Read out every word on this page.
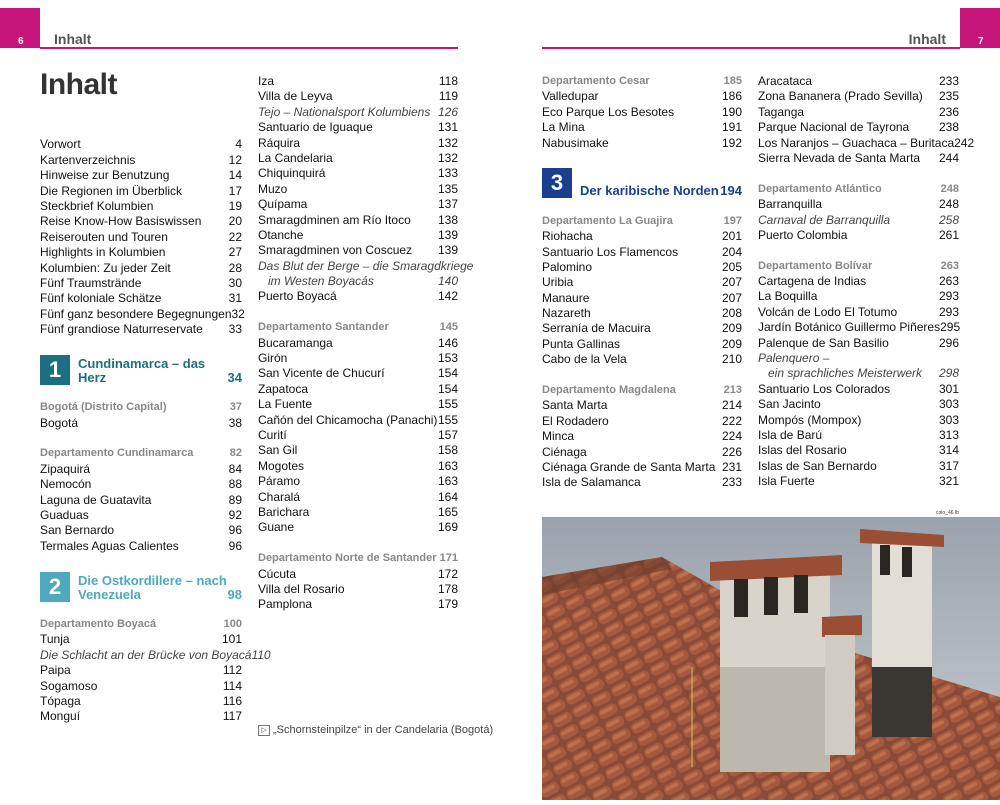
6	7
Inhalt	Inhalt
Inhalt
Vorwort	4
Kartenverzeichnis	12
Hinweise zur Benutzung	14
Die Regionen im Überblick	17
Steckbrief Kolumbien	19
Reise Know-How Basiswissen 20
Reiserouten und Touren	22
Highlights in Kolumbien	27
Kolumbien: Zu jeder Zeit	28
Fünf Traumstrände	30
Fünf koloniale Schätze	31
Fünf ganz besondere Begegnungen 32
Fünf grandiose Naturreservate 33
1	Cundinamarca – das Herz	34
Bogotá (Distrito Capital)	37
Bogotá	38
Departamento Cundinamarca	82
Zipaquirá	84
Nemocón	88
Laguna de Guatavita	89
Guaduas	92
San Bernardo	96
Termales Aguas Calientes	96
2	Die Ostkordillere – nach Venezuela	98
Departamento Boyacá	100
Tunja	101
Die Schlacht an der Brücke von Boyacá 110
Paipa	112
Sogamoso	114
Tópaga	116
Monguí	117
Iza	118
Villa de Leyva	119
Tejo – Nationalsport Kolumbiens 126
Santuario de Iguaque	131
Ráquira	132
La Candelaria	132
Chiquinquirá	133
Muzo	135
Quípama	137
Smaragdminen am Río Itoco 138
Otanche	139
Smaragdminen von Coscuez 139
Das Blut der Berge – die Smaragdkriege
im Westen Boyacás	140
Puerto Boyacá	142
Departamento Santander	145
Bucaramanga	146
Girón	153
San Vicente de Chucurí	154
Zapatoca	154
La Fuente	155
Cañón del Chicamocha (Panachi) 155
Curití	157
San Gil	158
Mogotes	163
Páramo	163
Charalá	164
Barichara	165
Guane	169
Departamento Norte de Santander 171
Cúcuta	172
Villa del Rosario	178
Pamplona	179
Departamento Cesar	185
Valledupar	186
Eco Parque Los Besotes	190
La Mina	191
Nabusimake	192
3	Der karibische Norden 194
Departamento La Guajira	197
Riohacha	201
Santuario Los Flamencos	204
Palomino	205
Uribia	207
Manaure	207
Nazareth	208
Serranía de Macuira	209
Punta Gallinas	209
Cabo de la Vela	210
Departamento Magdalena	213
Santa Marta	214
El Rodadero	222
Minca	224
Ciénaga	226
Ciénaga Grande de Santa Marta 231
Isla de Salamanca	233
Aracataca	233
Zona Bananera (Prado Sevilla) 235
Taganga	236
Parque Nacional de Tayrona 238
Los Naranjos – Guachaca – Buritaca 242
Sierra Nevada de Santa Marta 244
Departamento Atlántico	248
Barranquilla	248
Carnaval de Barranquilla	258
Puerto Colombia	261
Departamento Bolívar	263
Cartagena de Indias	263
La Boquilla	293
Volcán de Lodo El Totumo	293
Jardín Botánico Guillermo Piñeres 295
Palenque de San Basilio	296
Palenquero –
ein sprachliches Meisterwerk 298
Santuario Los Colorados	301
San Jacinto	303
Mompós (Mompox)	303
Isla de Barú	313
Islas del Rosario	314
Islas de San Bernardo	317
Isla Fuerte	321
▷ „Schornsteinpilze“ in der Candelaria (Bogotá)
colo_46 lb
